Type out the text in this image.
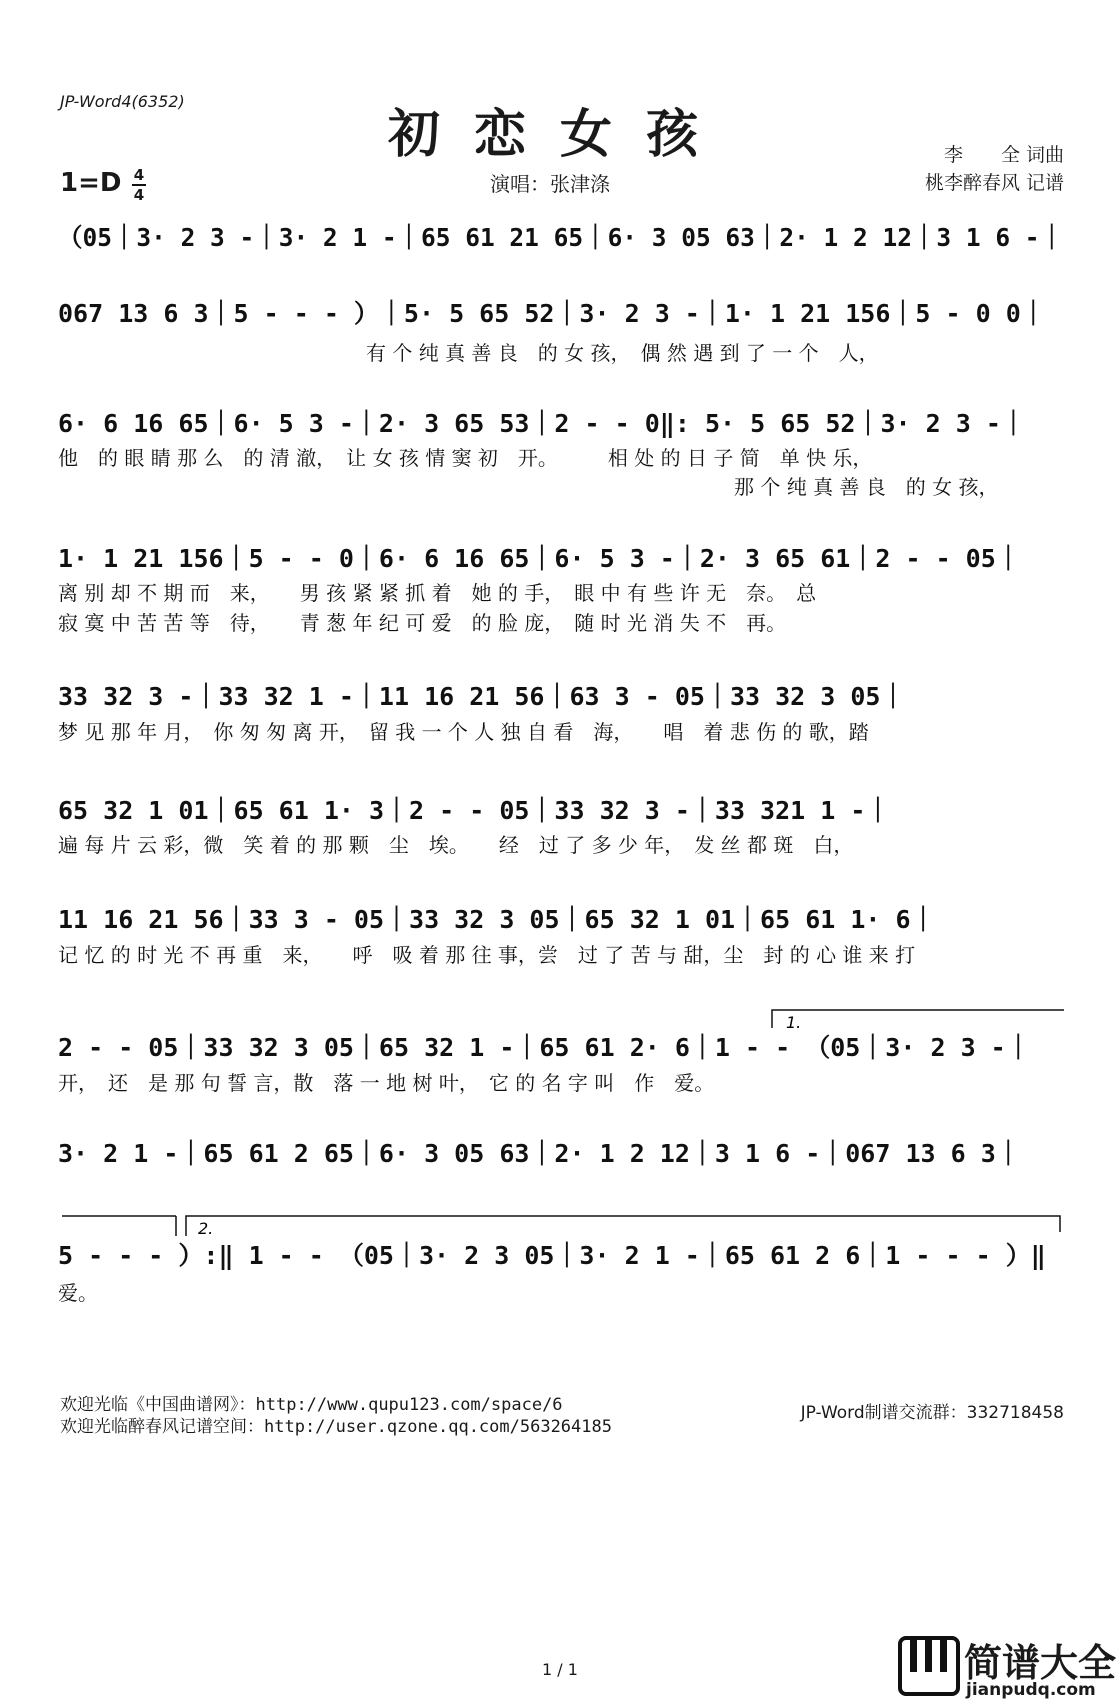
JP-Word4(6352)
初恋女孩	李　　全 词曲
桃李醉春风 记谱
1=D 4
4	演唱：张津涤
（05｜3· 2 3 -｜3· 2 1 -｜65 61 21 65｜6· 3 05 63｜2· 1 2 12｜3 1 6 -｜
067 13 6 3｜5 - - - ）｜5· 5 65 52｜3· 2 3 -｜1· 1 21 156｜5 - 0 0｜
有 个 纯 真 善 良　的 女 孩，　偶 然 遇 到 了 一 个　人，
6· 6 16 65｜6· 5 3 -｜2· 3 65 53｜2 - - 0‖: 5· 5 65 52｜3· 2 3 -｜
他　的 眼 睛 那 么　的 清 澈，　让 女 孩 情 窦 初　开。　　　相 处 的 日 子 简　单 快 乐，
那 个 纯 真 善 良　的 女 孩，
1· 1 21 156｜5 - - 0｜6· 6 16 65｜6· 5 3 -｜2· 3 65 61｜2 - - 05｜
离 别 却 不 期 而　来，　　男 孩 紧 紧 抓 着　她 的 手，　眼 中 有 些 许 无　奈。　总
寂 寞 中 苦 苦 等　待，　　青 葱 年 纪 可 爱　的 脸 庞，　随 时 光 消 失 不　再。
33 32 3 -｜33 32 1 -｜11 16 21 56｜63 3 - 05｜33 32 3 05｜
梦 见 那 年 月，　你 匆 匆 离 开，　留 我 一 个 人 独 自 看　海，　　唱　着 悲 伤 的 歌，踏
65 32 1 01｜65 61 1· 3｜2 - - 05｜33 32 3 -｜33 321 1 -｜
遍 每 片 云 彩，微　笑 着 的 那 颗　尘　埃。　　经　过 了 多 少 年，　发 丝 都 斑　白，
11 16 21 56｜33 3 - 05｜33 32 3 05｜65 32 1 01｜65 61 1· 6｜
记 忆 的 时 光 不 再 重　来，　　呼　吸 着 那 往 事，尝　过 了 苦 与 甜，尘　封 的 心 谁 来 打
1.
2 - - 05｜33 32 3 05｜65 32 1 -｜65 61 2· 6｜1 - - （05｜3· 2 3 -｜
开，　还　是 那 句 誓 言，散　落 一 地 树 叶，　它 的 名 字 叫　作　爱。
3· 2 1 -｜65 61 2 65｜6· 3 05 63｜2· 1 2 12｜3 1 6 -｜067 13 6 3｜
2.
5 - - - ）:‖ 1 - - （05｜3· 2 3 05｜3· 2 1 -｜65 61 2 6｜1 - - - ）‖
爱。
欢迎光临《中国曲谱网》：http://www.qupu123.com/space/6
欢迎光临醉春风记谱空间：http://user.qzone.qq.com/563264185
JP-Word制谱交流群：332718458
1 / 1	简谱大全
jianpudq.com
